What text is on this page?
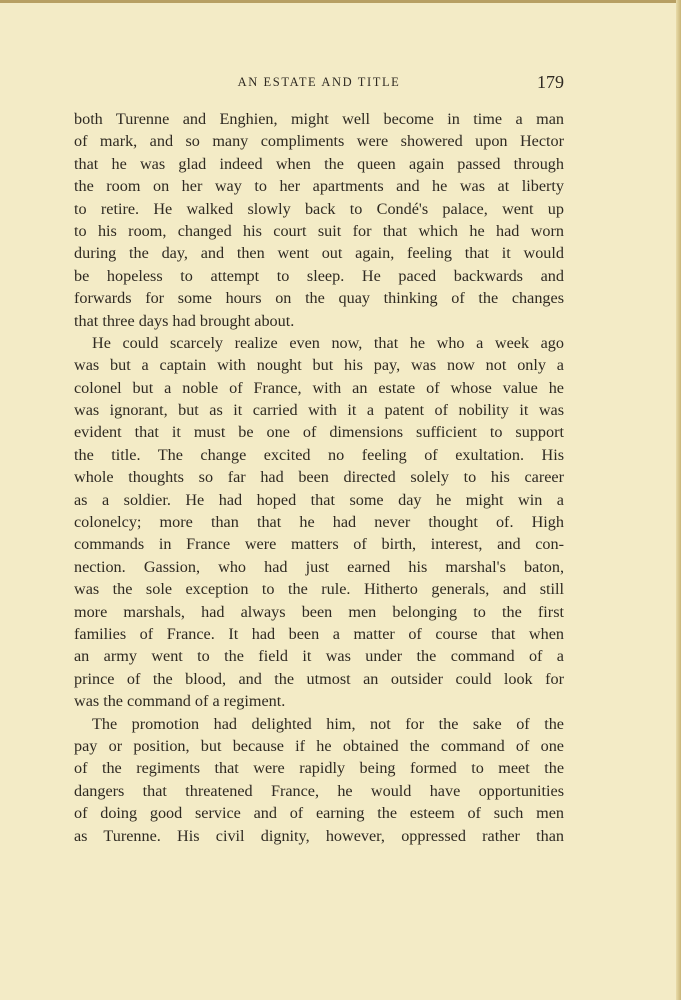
AN ESTATE AND TITLE	179
both Turenne and Enghien, might well become in time a man
of mark, and so many compliments were showered upon Hector
that he was glad indeed when the queen again passed through
the room on her way to her apartments and he was at liberty
to retire. He walked slowly back to Condé's palace, went up
to his room, changed his court suit for that which he had worn
during the day, and then went out again, feeling that it would
be hopeless to attempt to sleep. He paced backwards and
forwards for some hours on the quay thinking of the changes
that three days had brought about.
He could scarcely realize even now, that he who a week ago
was but a captain with nought but his pay, was now not only a
colonel but a noble of France, with an estate of whose value he
was ignorant, but as it carried with it a patent of nobility it was
evident that it must be one of dimensions sufficient to support
the title. The change excited no feeling of exultation. His
whole thoughts so far had been directed solely to his career
as a soldier. He had hoped that some day he might win a
colonelcy; more than that he had never thought of. High
commands in France were matters of birth, interest, and con-
nection. Gassion, who had just earned his marshal's baton,
was the sole exception to the rule. Hitherto generals, and still
more marshals, had always been men belonging to the first
families of France. It had been a matter of course that when
an army went to the field it was under the command of a
prince of the blood, and the utmost an outsider could look for
was the command of a regiment.
The promotion had delighted him, not for the sake of the
pay or position, but because if he obtained the command of one
of the regiments that were rapidly being formed to meet the
dangers that threatened France, he would have opportunities
of doing good service and of earning the esteem of such men
as Turenne. His civil dignity, however, oppressed rather than
